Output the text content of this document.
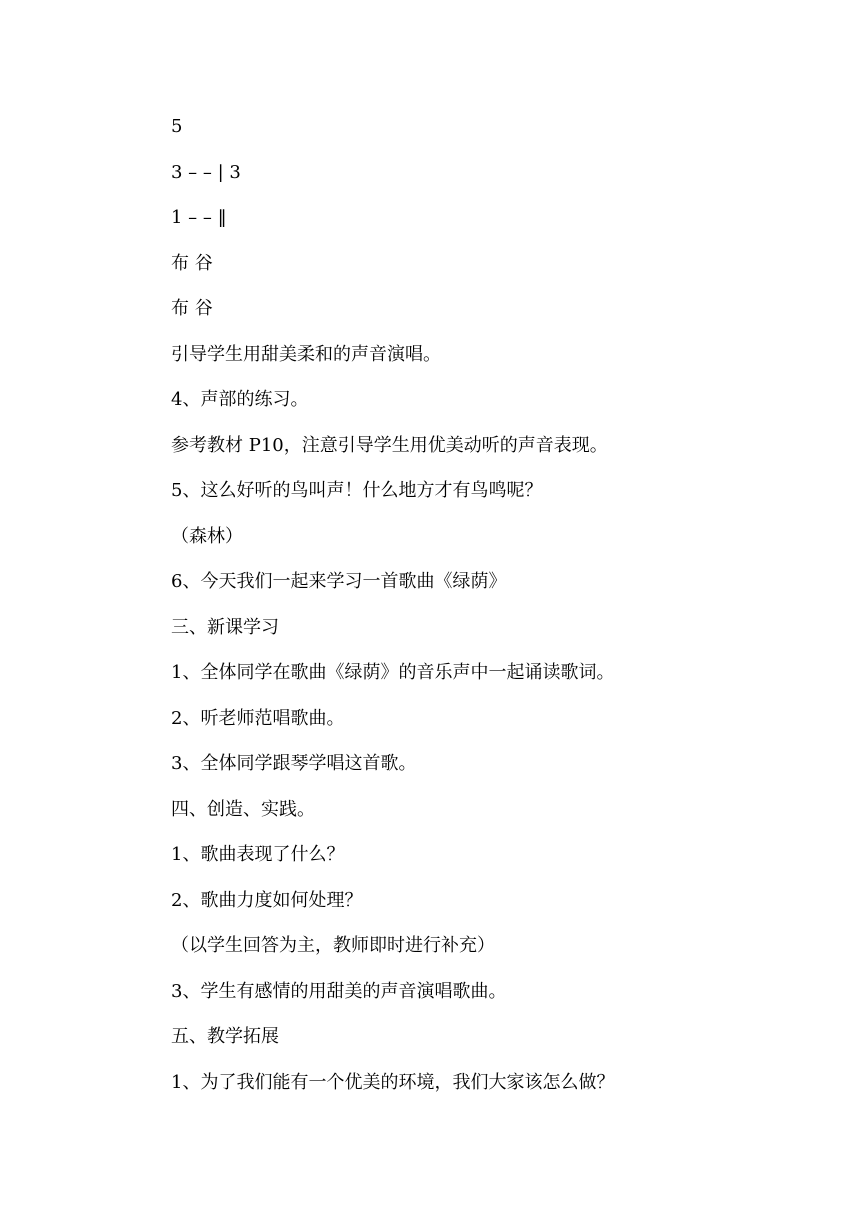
5
3 – – | 3
1 – – ‖
布 谷
布 谷
引导学生用甜美柔和的声音演唱。
4、声部的练习。
参考教材 P10，注意引导学生用优美动听的声音表现。
5、这么好听的鸟叫声！什么地方才有鸟鸣呢？
（森林）
6、今天我们一起来学习一首歌曲《绿荫》
三、新课学习
1、全体同学在歌曲《绿荫》的音乐声中一起诵读歌词。
2、听老师范唱歌曲。
3、全体同学跟琴学唱这首歌。
四、创造、实践。
1、歌曲表现了什么？
2、歌曲力度如何处理？
（以学生回答为主，教师即时进行补充）
3、学生有感情的用甜美的声音演唱歌曲。
五、教学拓展
1、为了我们能有一个优美的环境，我们大家该怎么做？
